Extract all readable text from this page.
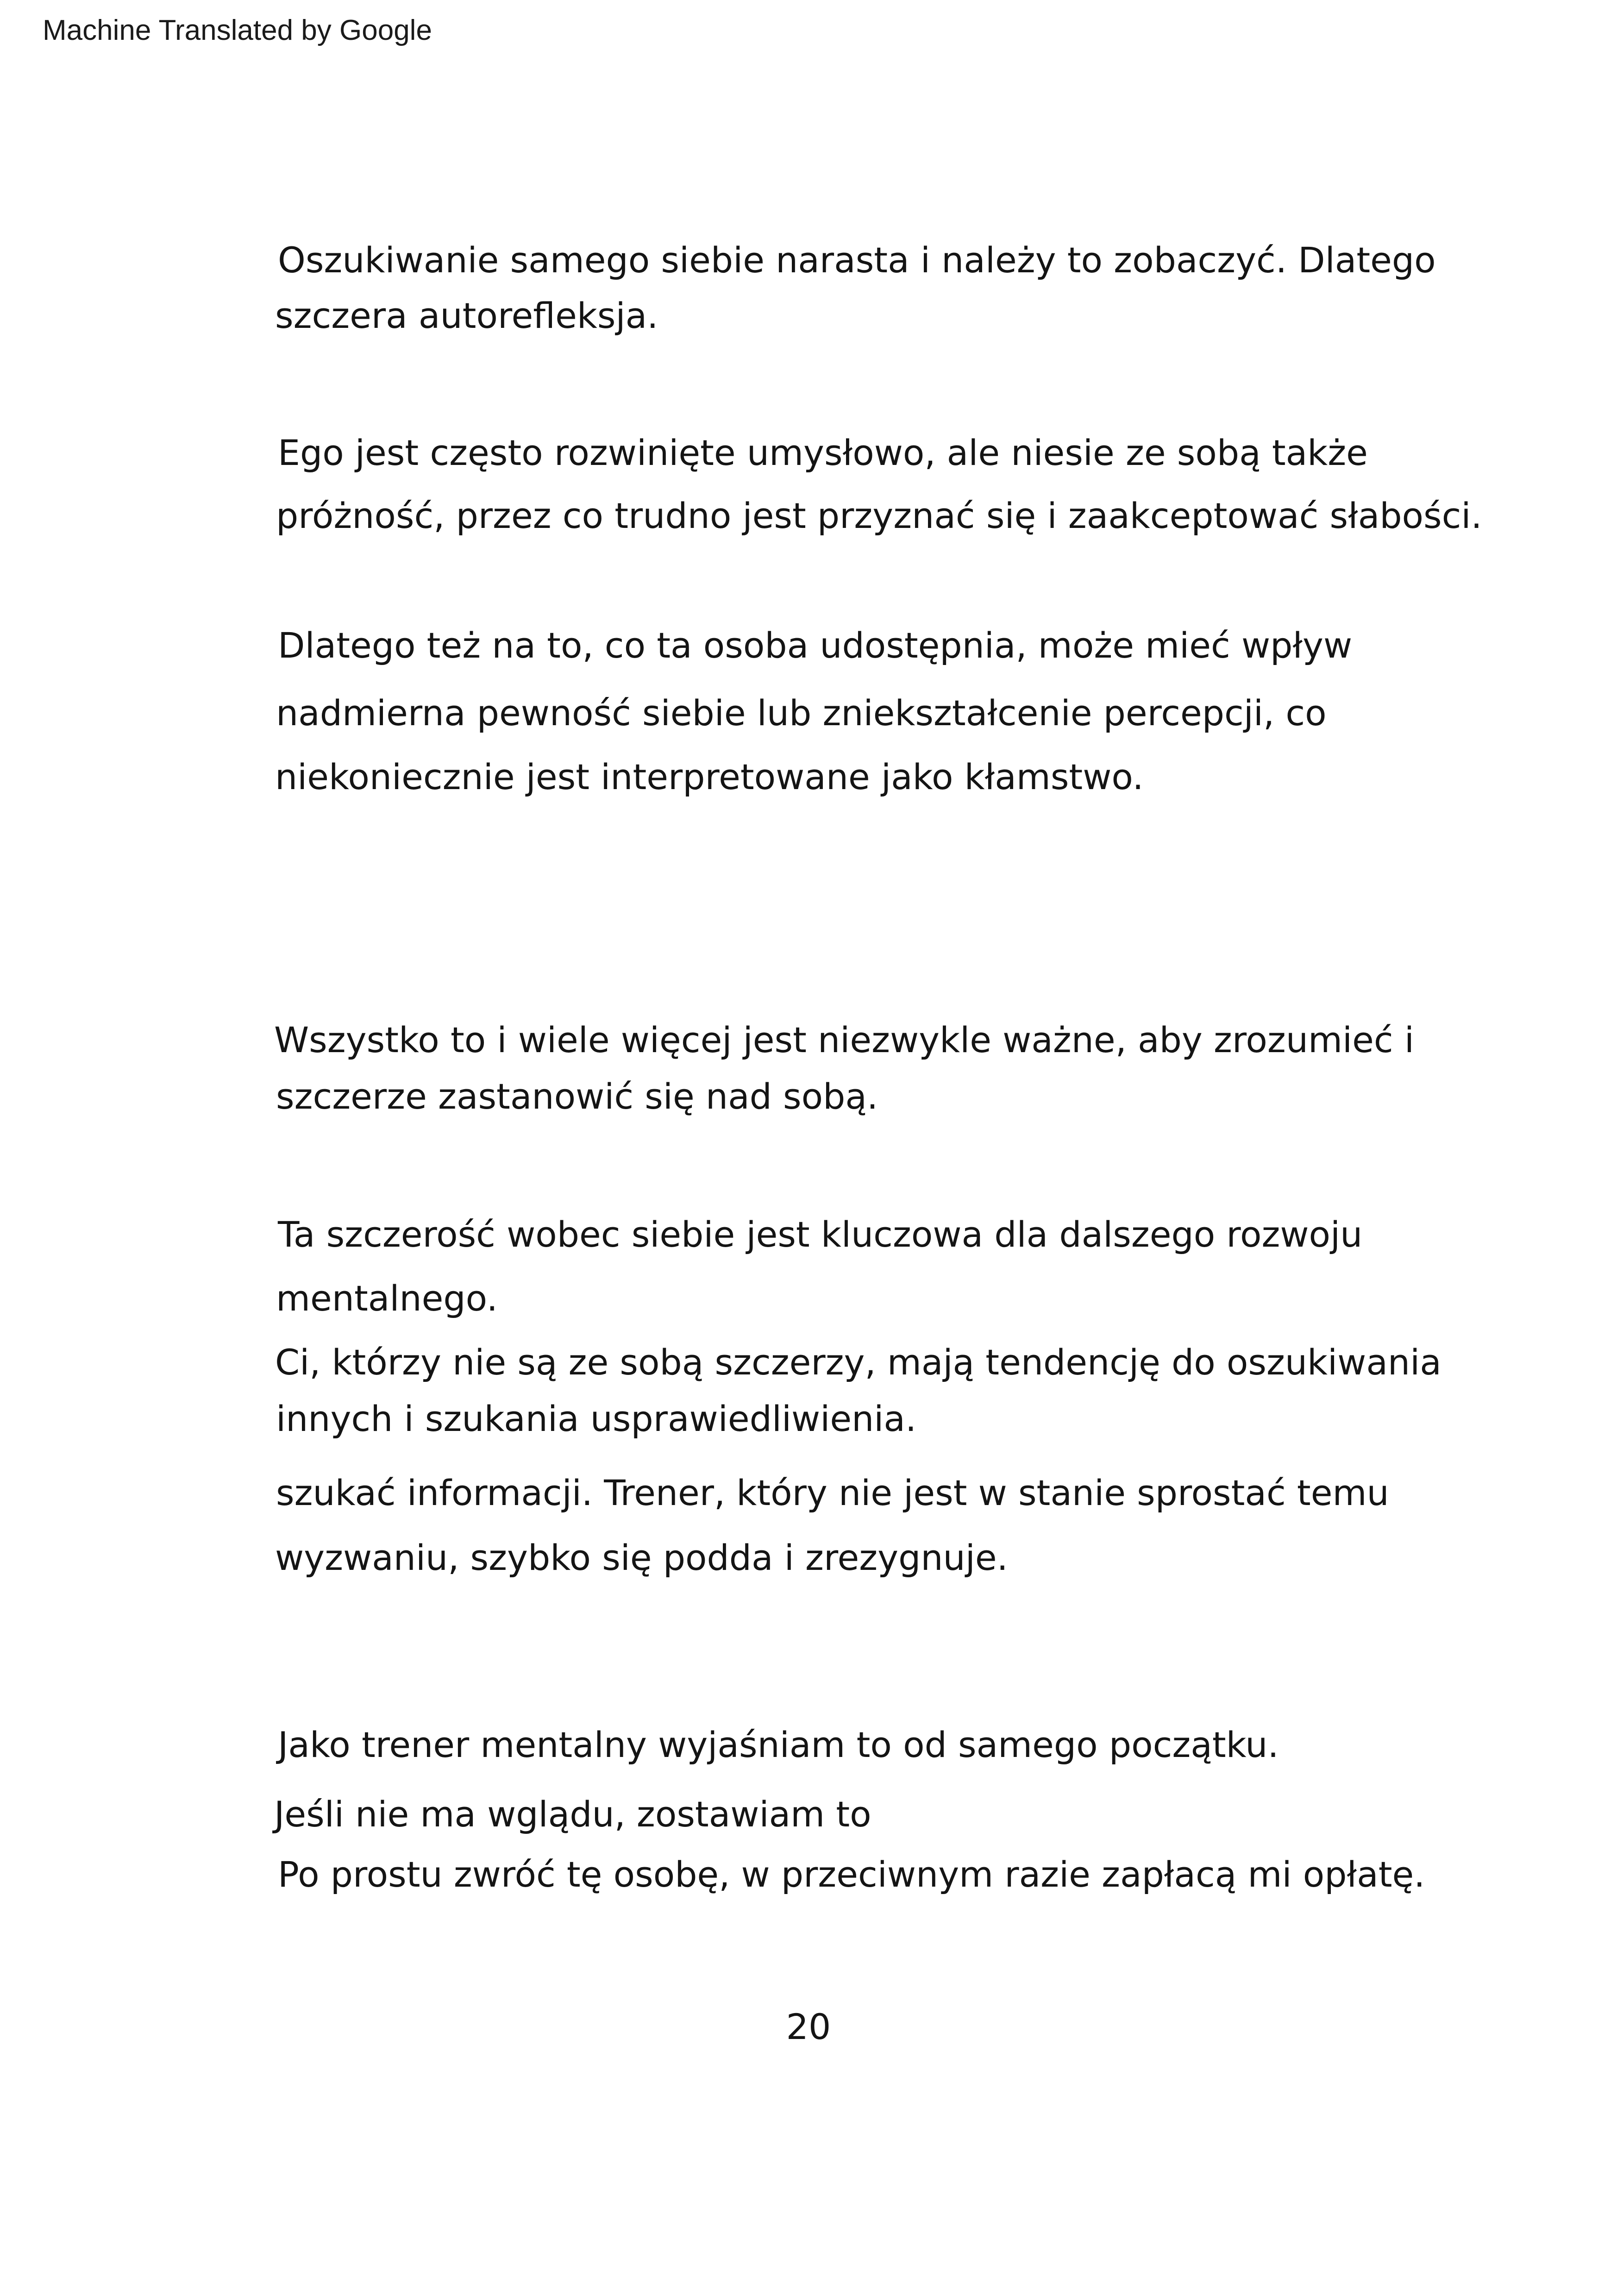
Machine Translated by Google
Oszukiwanie samego siebie narasta i należy to zobaczyć. Dlatego
szczera autorefleksja.
Ego jest często rozwinięte umysłowo, ale niesie ze sobą także
próżność, przez co trudno jest przyznać się i zaakceptować słabości.
Dlatego też na to, co ta osoba udostępnia, może mieć wpływ
nadmierna pewność siebie lub zniekształcenie percepcji, co
niekoniecznie jest interpretowane jako kłamstwo.
Wszystko to i wiele więcej jest niezwykle ważne, aby zrozumieć i
szczerze zastanowić się nad sobą.
Ta szczerość wobec siebie jest kluczowa dla dalszego rozwoju
mentalnego.
Ci, którzy nie są ze sobą szczerzy, mają tendencję do oszukiwania
innych i szukania usprawiedliwienia.
szukać informacji. Trener, który nie jest w stanie sprostać temu
wyzwaniu, szybko się podda i zrezygnuje.
Jako trener mentalny wyjaśniam to od samego początku.
Jeśli nie ma wglądu, zostawiam to
Po prostu zwróć tę osobę, w przeciwnym razie zapłacą mi opłatę.
20
